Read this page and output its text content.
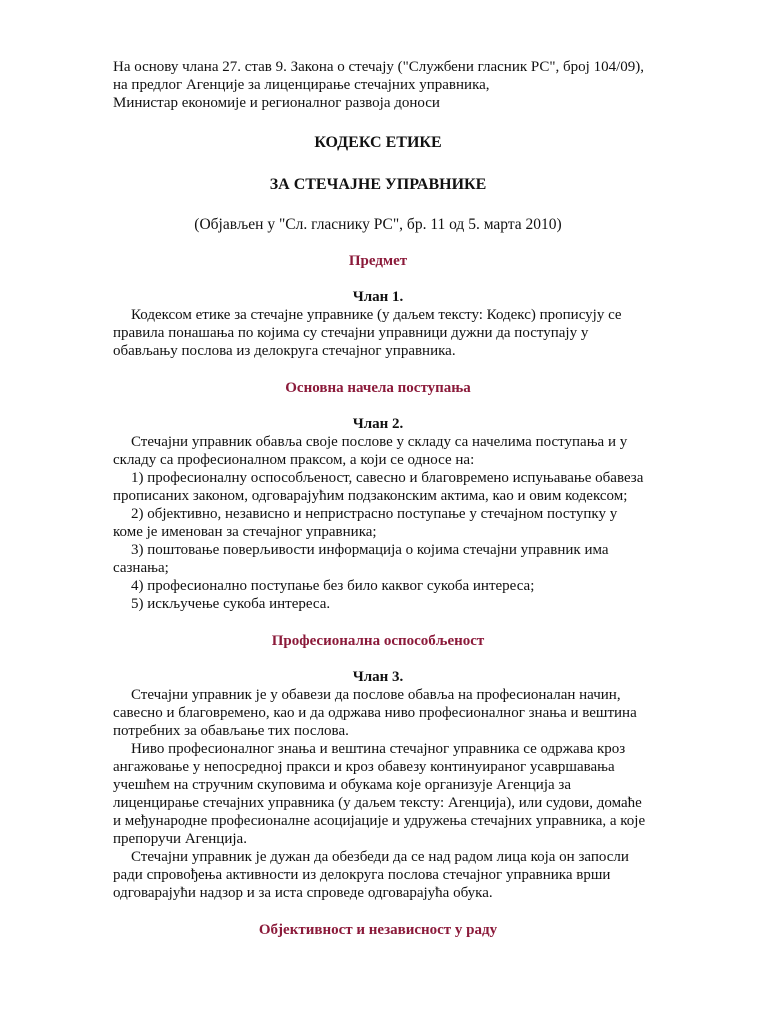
На основу члана 27. став 9. Закона о стечају ("Службени гласник РС", број 104/09),
на предлог Агенције за лиценцирање стечајних управника,
Министар економије и регионалног развоја доноси
КОДЕКС ЕТИКЕ
ЗА СТЕЧАЈНЕ УПРАВНИКЕ
(Објављен у "Сл. гласнику РС", бр. 11 од 5. марта 2010)
Предмет
Члан 1.
Кодексом етике за стечајне управнике (у даљем тексту: Кодекс) прописују се
правила понашања по којима су стечајни управници дужни да поступају у
обављању послова из делокруга стечајног управника.
Основна начела поступања
Члан 2.
Стечајни управник обавља своје послове у складу са начелима поступања и у
складу са професионалном праксом, а који се односе на:
1) професионалну оспособљеност, савесно и благовремено испуњавање обавеза
прописаних законом, одговарајућим подзаконским актима, као и овим кодексом;
2) објективно, независно и непристрасно поступање у стечајном поступку у
коме је именован за стечајног управника;
3) поштовање поверљивости информација о којима стечајни управник има
сазнања;
4) професионално поступање без било каквог сукоба интереса;
5) искључење сукоба интереса.
Професионална оспособљеност
Члан 3.
Стечајни управник је у обавези да послове обавља на професионалан начин,
савесно и благовремено, као и да одржава ниво професионалног знања и вештина
потребних за обављање тих послова.
Ниво професионалног знања и вештина стечајног управника се одржава кроз
ангажовање у непосредној пракси и кроз обавезу континуираног усавршавања
учешћем на стручним скуповима и обукама које организује Агенција за
лиценцирање стечајних управника (у даљем тексту: Агенција), или судови, домаће
и међународне професионалне асоцијације и удружења стечајних управника, а које
препоручи Агенција.
Стечајни управник је дужан да обезбеди да се над радом лица која он запосли
ради спровођења активности из делокруга послова стечајног управника врши
одговарајући надзор и за иста спроведе одговарајућа обука.
Објективност и независност у раду
